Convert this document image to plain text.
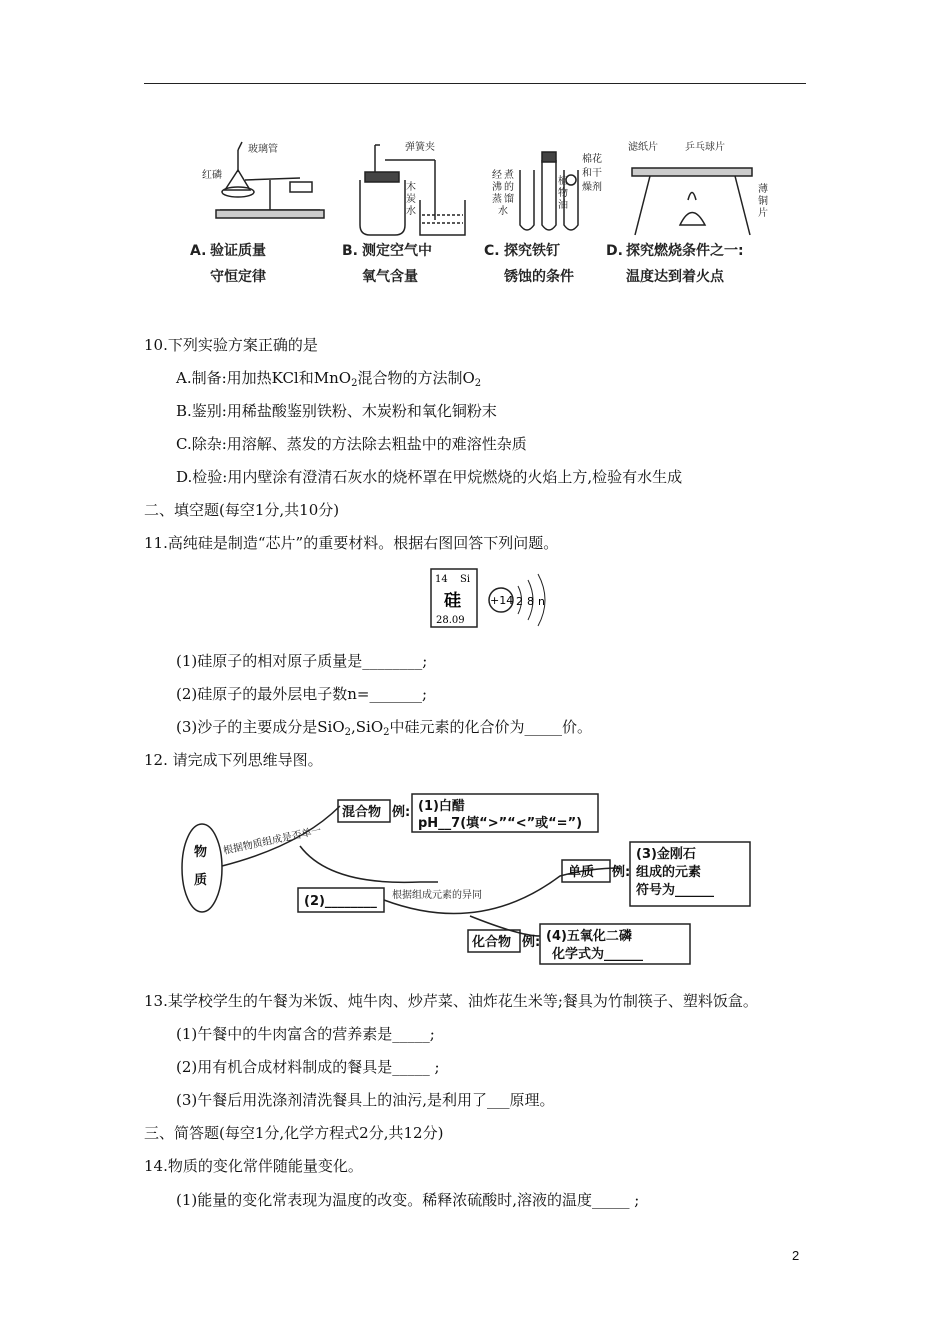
玻璃管
红磷
A. 验证质量
守恒定律
弹簧夹
木
炭
水
B. 测定空气中
氧气含量
经 煮
沸 的
蒸 馏
水
植
物
油
棉花
和干
燥剂
C. 探究铁钉
锈蚀的条件
滤纸片	乒乓球片
薄
铜
片
D. 探究燃烧条件之一:
温度达到着火点
10.下列实验方案正确的是
A.制备:用加热KCl和MnO$_2$混合物的方法制$O_2$
B.鉴别:用稀盐酸鉴别铁粉、木炭粉和氧化铜粉末
C.除杂:用溶解、蒸发的方法除去粗盐中的难溶性杂质
D.检验:用内壁涂有澄清石灰水的烧杯罩在甲烷燃烧的火焰上方,检验有水生成
二、填空题(每空1分,共10分)
11.高纯硅是制造“芯片”的重要材料。根据右图回答下列问题。
14 Si
硅
28.09
+14 2 8 n
(1)硅原子的相对原子质量是________;
(2)硅原子的最外层电子数n=_______;
(3)沙子的主要成分是SiO$_2$,SiO$_2$中硅元素的化合价为_____价。
12. 请完成下列思维导图。
物
质
根据物质组成是否单一
混合物 例: (1)白醋
pH__7(填“>”“<”或“=”)
(2)________ 根据组成元素的异同
单质 例:
(3)金刚石
组成的元素
符号为______
化合物 例: (4)五氧化二磷
化学式为______
13.某学校学生的午餐为米饭、炖牛肉、炒芹菜、油炸花生米等;餐具为竹制筷子、塑料饭盒。
(1)午餐中的牛肉富含的营养素是_____;
(2)用有机合成材料制成的餐具是_____ ;
(3)午餐后用洗涤剂清洗餐具上的油污,是利用了___原理。
三、简答题(每空1分,化学方程式2分,共12分)
14.物质的变化常伴随能量变化。
(1)能量的变化常表现为温度的改变。稀释浓硫酸时,溶液的温度_____ ;
2
